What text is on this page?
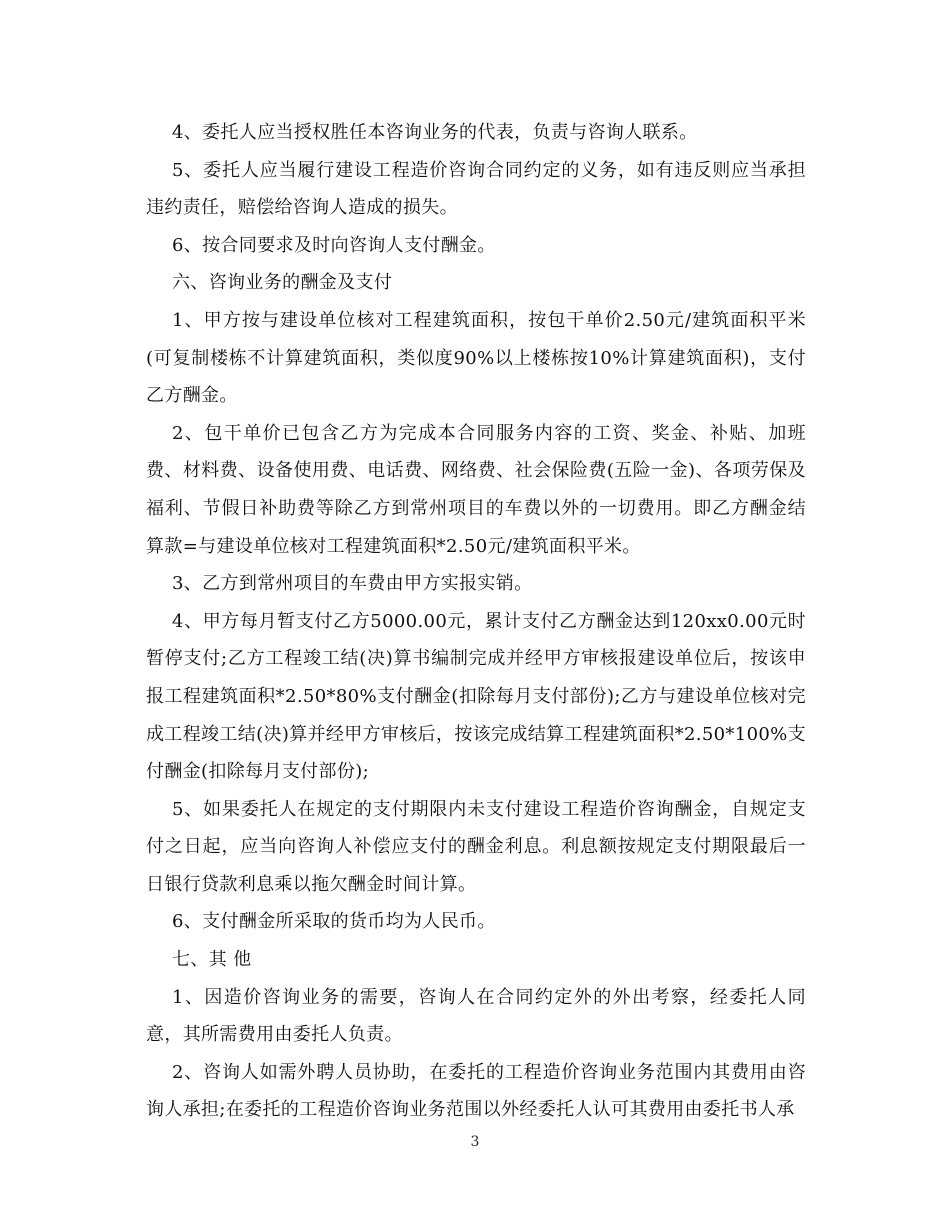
4、委托人应当授权胜任本咨询业务的代表，负责与咨询人联系。

5、委托人应当履行建设工程造价咨询合同约定的义务，如有违反则应当承担违约责任，赔偿给咨询人造成的损失。

6、按合同要求及时向咨询人支付酬金。

六、咨询业务的酬金及支付

1、甲方按与建设单位核对工程建筑面积，按包干单价2.50元/建筑面积平米(可复制楼栋不计算建筑面积，类似度90%以上楼栋按10%计算建筑面积)，支付乙方酬金。

2、包干单价已包含乙方为完成本合同服务内容的工资、奖金、补贴、加班费、材料费、设备使用费、电话费、网络费、社会保险费(五险一金)、各项劳保及福利、节假日补助费等除乙方到常州项目的车费以外的一切费用。即乙方酬金结算款=与建设单位核对工程建筑面积*2.50元/建筑面积平米。

3、乙方到常州项目的车费由甲方实报实销。

4、甲方每月暂支付乙方5000.00元，累计支付乙方酬金达到120xx0.00元时暂停支付;乙方工程竣工结(决)算书编制完成并经甲方审核报建设单位后，按该申报工程建筑面积*2.50*80%支付酬金(扣除每月支付部份);乙方与建设单位核对完成工程竣工结(决)算并经甲方审核后，按该完成结算工程建筑面积*2.50*100%支付酬金(扣除每月支付部份);

5、如果委托人在规定的支付期限内未支付建设工程造价咨询酬金，自规定支付之日起，应当向咨询人补偿应支付的酬金利息。利息额按规定支付期限最后一日银行贷款利息乘以拖欠酬金时间计算。

6、支付酬金所采取的货币均为人民币。

七、其 他

1、因造价咨询业务的需要，咨询人在合同约定外的外出考察，经委托人同意，其所需费用由委托人负责。

2、咨询人如需外聘人员协助，在委托的工程造价咨询业务范围内其费用由咨询人承担;在委托的工程造价咨询业务范围以外经委托人认可其费用由委托书人承

3
